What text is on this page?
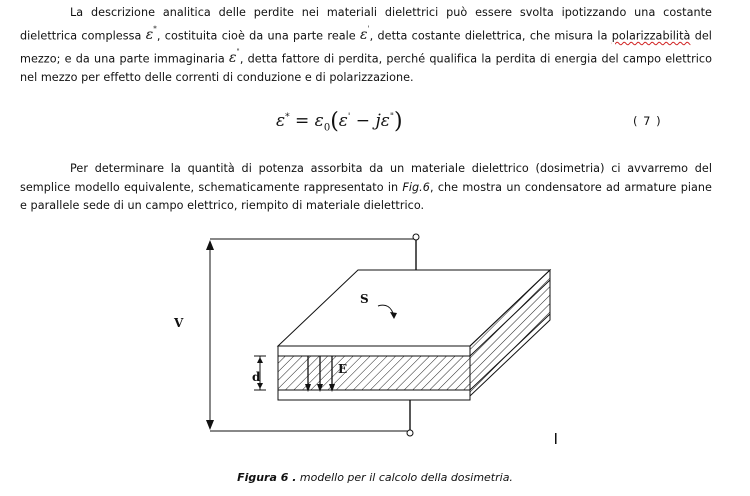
La descrizione analitica delle perdite nei materiali dielettrici può essere svolta ipotizzando una costante dielettrica complessa ε*, costituita cioè da una parte reale ε', detta costante dielettrica, che misura la polarizzabilità del mezzo; e da una parte immaginaria ε", detta fattore di perdita, perché qualifica la perdita di energia del campo elettrico nel mezzo per effetto delle correnti di conduzione e di polarizzazione.

$\varepsilon^* = \varepsilon_0(\varepsilon' - j\varepsilon^")$	( 7 )

Per determinare la quantità di potenza assorbita da un materiale dielettrico (dosimetria) ci avvarremo del semplice modello equivalente, schematicamente rappresentato in Fig.6, che mostra un condensatore ad armature piane e parallele sede di un campo elettrico, riempito di materiale dielettrico.

V
S
d
E
Figura 6 . modello per il calcolo della dosimetria.
